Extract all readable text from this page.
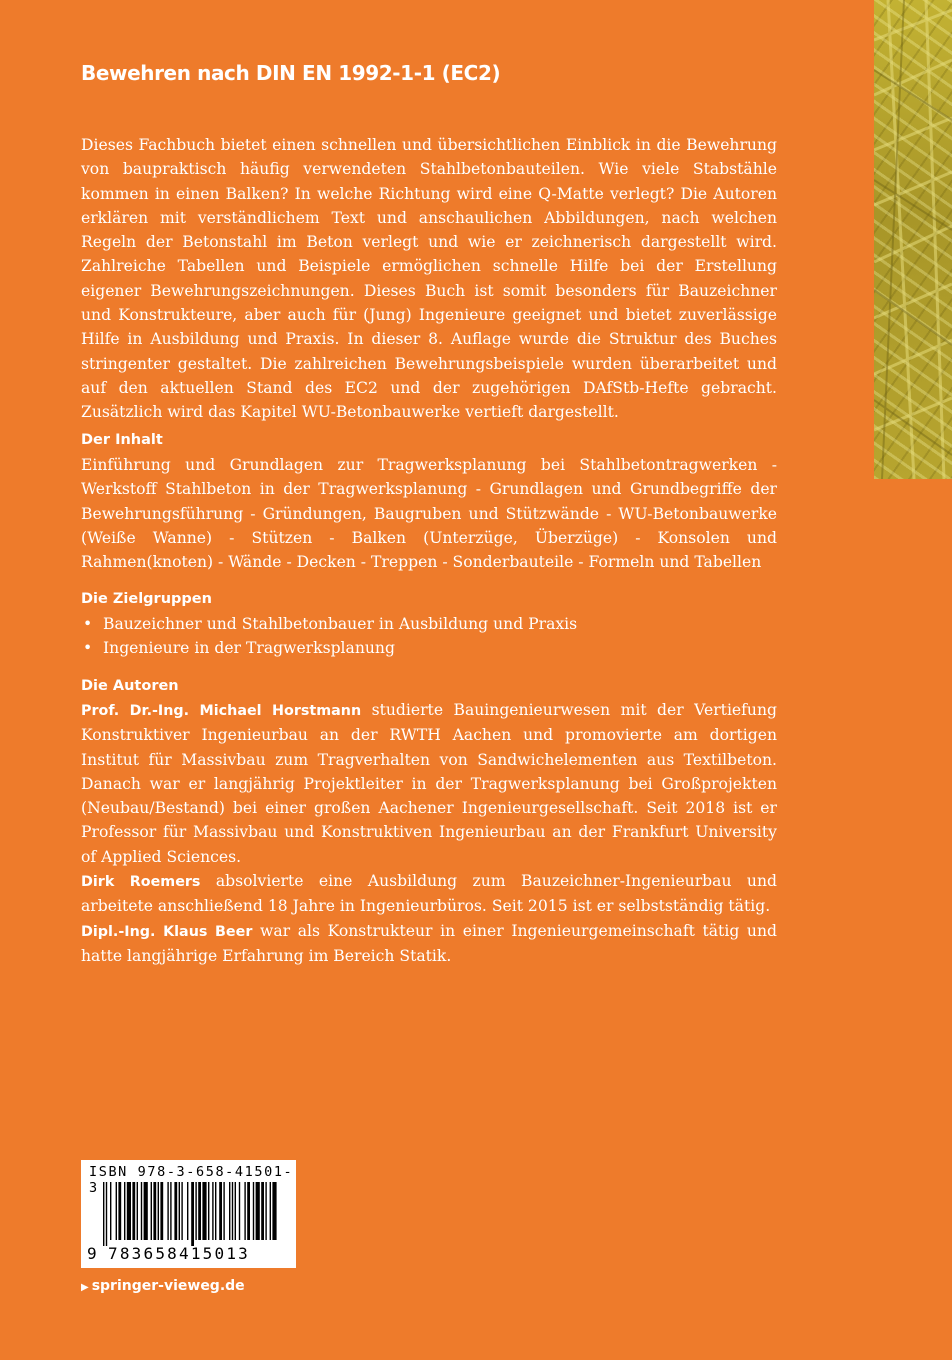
Bewehren nach DIN EN 1992-1-1 (EC2)

Dieses Fachbuch bietet einen schnellen und übersichtlichen Einblick in die Bewehrung von baupraktisch häufig verwendeten Stahlbetonbauteilen. Wie viele Stabstähle kommen in einen Balken? In welche Richtung wird eine Q-Matte verlegt? Die Autoren erklären mit verständlichem Text und anschaulichen Abbildungen, nach welchen Regeln der Betonstahl im Beton verlegt und wie er zeichnerisch dargestellt wird. Zahlreiche Tabellen und Beispiele ermöglichen schnelle Hilfe bei der Erstellung eigener Bewehrungszeichnungen. Dieses Buch ist somit besonders für Bauzeichner und Konstrukteure, aber auch für (Jung) Ingenieure geeignet und bietet zuverlässige Hilfe in Ausbildung und Praxis. In dieser 8. Auflage wurde die Struktur des Buches stringenter gestaltet. Die zahlreichen Bewehrungsbeispiele wurden überarbeitet und auf den aktuellen Stand des EC2 und der zugehörigen DAfStb-Hefte gebracht. Zusätzlich wird das Kapitel WU-Betonbauwerke vertieft dargestellt.

Der Inhalt

Einführung und Grundlagen zur Tragwerksplanung bei Stahlbetontragwerken - Werkstoff Stahlbeton in der Tragwerksplanung - Grundlagen und Grundbegriffe der Bewehrungsführung - Gründungen, Baugruben und Stützwände - WU-Betonbauwerke (Weiße Wanne) - Stützen - Balken (Unterzüge, Überzüge) - Konsolen und Rahmen(knoten) - Wände - Decken - Treppen - Sonderbauteile - Formeln und Tabellen

Die Zielgruppen
• Bauzeichner und Stahlbetonbauer in Ausbildung und Praxis
• Ingenieure in der Tragwerksplanung
Die Autoren

Prof. Dr.-Ing. Michael Horstmann studierte Bauingenieurwesen mit der Vertiefung Konstruktiver Ingenieurbau an der RWTH Aachen und promovierte am dortigen Institut für Massivbau zum Tragverhalten von Sandwichelementen aus Textilbeton. Danach war er langjährig Projektleiter in der Tragwerksplanung bei Großprojekten (Neubau/Bestand) bei einer großen Aachener Ingenieurgesellschaft. Seit 2018 ist er Professor für Massivbau und Konstruktiven Ingenieurbau an der Frankfurt University of Applied Sciences.

Dirk Roemers absolvierte eine Ausbildung zum Bauzeichner-Ingenieurbau und arbeitete anschließend 18 Jahre in Ingenieurbüros. Seit 2015 ist er selbstständig tätig.

Dipl.-Ing. Klaus Beer war als Konstrukteur in einer Ingenieurgemeinschaft tätig und hatte langjährige Erfahrung im Bereich Statik.

ISBN 978-3-658-41501-3
9 783658415013
▶ springer-vieweg.de
